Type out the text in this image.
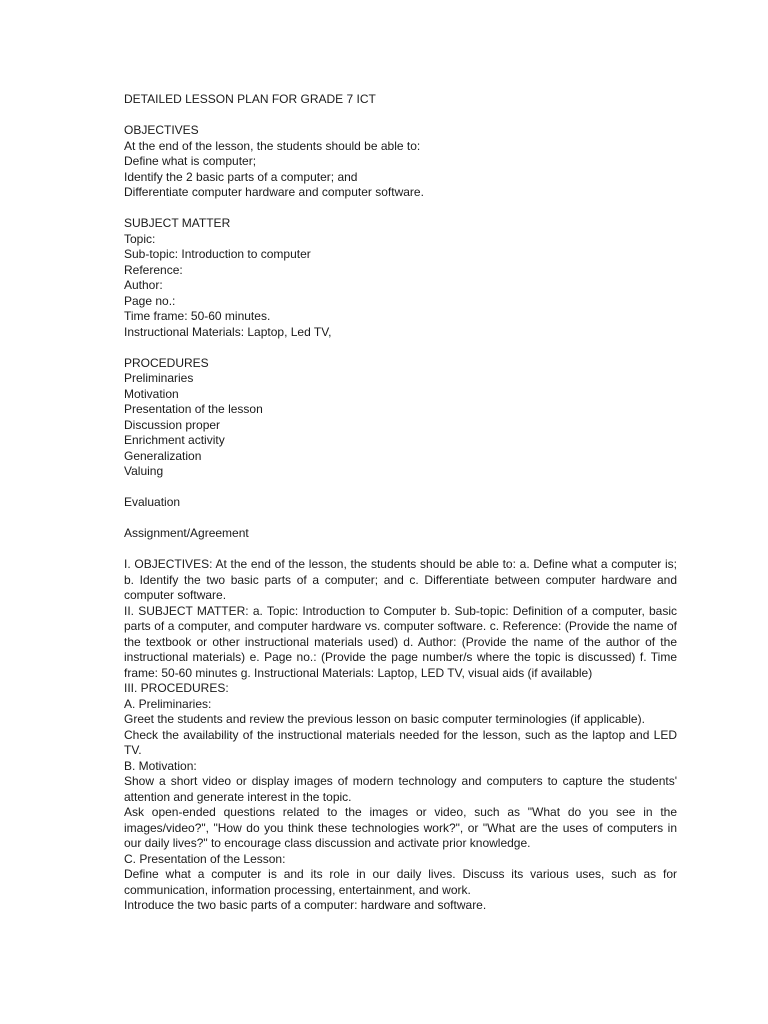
DETAILED LESSON PLAN FOR GRADE 7 ICT

OBJECTIVES

At the end of the lesson, the students should be able to:

Define what is computer;

Identify the 2 basic parts of a computer; and

Differentiate computer hardware and computer software.

SUBJECT MATTER

Topic:

Sub-topic: Introduction to computer

Reference:

Author:

Page no.:

Time frame: 50-60 minutes.

Instructional Materials: Laptop, Led TV,

PROCEDURES

Preliminaries

Motivation

Presentation of the lesson

Discussion proper

Enrichment activity

Generalization

Valuing

Evaluation

Assignment/Agreement

I. OBJECTIVES: At the end of the lesson, the students should be able to: a. Define what a computer is; b. Identify the two basic parts of a computer; and c. Differentiate between computer hardware and computer software.

II. SUBJECT MATTER: a. Topic: Introduction to Computer b. Sub-topic: Definition of a computer, basic parts of a computer, and computer hardware vs. computer software. c. Reference: (Provide the name of the textbook or other instructional materials used) d. Author: (Provide the name of the author of the instructional materials) e. Page no.: (Provide the page number/s where the topic is discussed) f. Time frame: 50-60 minutes g. Instructional Materials: Laptop, LED TV, visual aids (if available)

III. PROCEDURES:

A. Preliminaries:

Greet the students and review the previous lesson on basic computer terminologies (if applicable).

Check the availability of the instructional materials needed for the lesson, such as the laptop and LED TV.

B. Motivation:

Show a short video or display images of modern technology and computers to capture the students' attention and generate interest in the topic.

Ask open-ended questions related to the images or video, such as "What do you see in the images/video?", "How do you think these technologies work?", or "What are the uses of computers in our daily lives?" to encourage class discussion and activate prior knowledge.

C. Presentation of the Lesson:

Define what a computer is and its role in our daily lives. Discuss its various uses, such as for communication, information processing, entertainment, and work.

Introduce the two basic parts of a computer: hardware and software.
